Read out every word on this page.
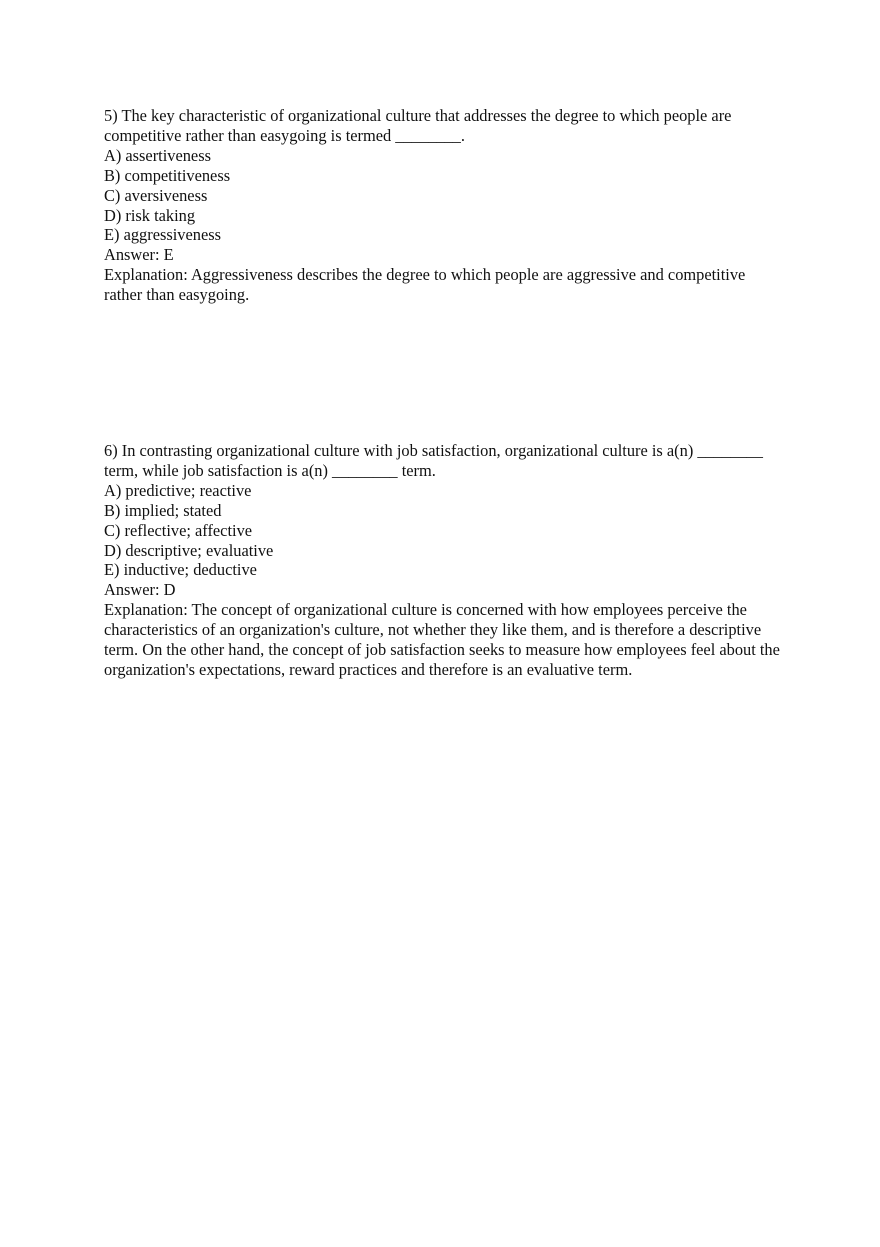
5) The key characteristic of organizational culture that addresses the degree to which people are competitive rather than easygoing is termed ________.

A) assertiveness
B) competitiveness
C) aversiveness
D) risk taking
E) aggressiveness

Answer: E

Explanation: Aggressiveness describes the degree to which people are aggressive and competitive rather than easygoing.

6) In contrasting organizational culture with job satisfaction, organizational culture is a(n) ________ term, while job satisfaction is a(n) ________ term.

A) predictive; reactive
B) implied; stated
C) reflective; affective
D) descriptive; evaluative
E) inductive; deductive

Answer: D

Explanation: The concept of organizational culture is concerned with how employees perceive the characteristics of an organization's culture, not whether they like them, and is therefore a descriptive term. On the other hand, the concept of job satisfaction seeks to measure how employees feel about the organization's expectations, reward practices and therefore is an evaluative term.
